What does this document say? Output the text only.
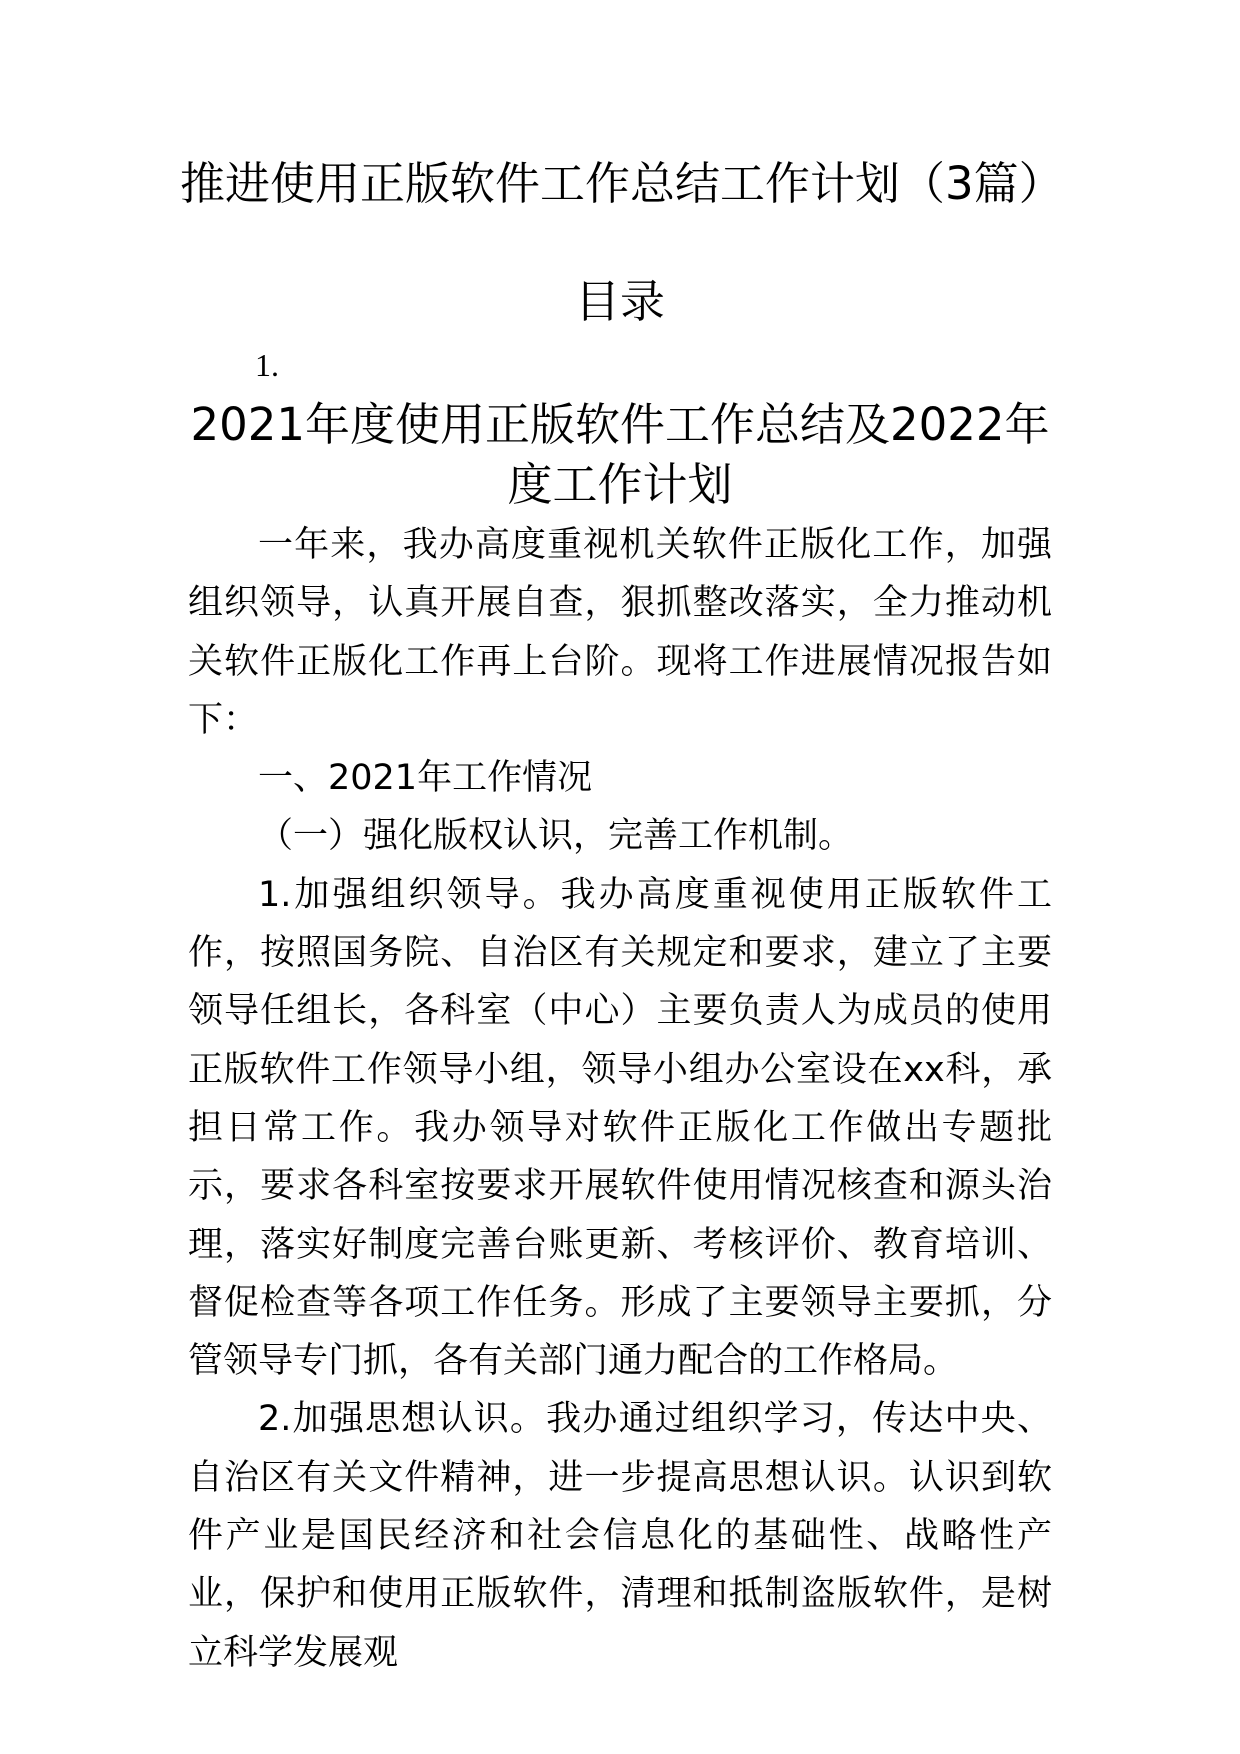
推进使用正版软件工作总结工作计划（3篇）
目录
1.
2021年度使用正版软件工作总结及2022年度工作计划

一年来，我办高度重视机关软件正版化工作，加强组织领导，认真开展自查，狠抓整改落实，全力推动机关软件正版化工作再上台阶。现将工作进展情况报告如下：

一、2021年工作情况

（一）强化版权认识，完善工作机制。

1.加强组织领导。我办高度重视使用正版软件工作，按照国务院、自治区有关规定和要求，建立了主要领导任组长，各科室（中心）主要负责人为成员的使用正版软件工作领导小组，领导小组办公室设在xx科，承担日常工作。我办领导对软件正版化工作做出专题批示，要求各科室按要求开展软件使用情况核查和源头治理，落实好制度完善台账更新、考核评价、教育培训、督促检查等各项工作任务。形成了主要领导主要抓，分管领导专门抓，各有关部门通力配合的工作格局。

2.加强思想认识。我办通过组织学习，传达中央、自治区有关文件精神，进一步提高思想认识。认识到软件产业是国民经济和社会信息化的基础性、战略性产业，保护和使用正版软件，清理和抵制盗版软件，是树立科学发展观
